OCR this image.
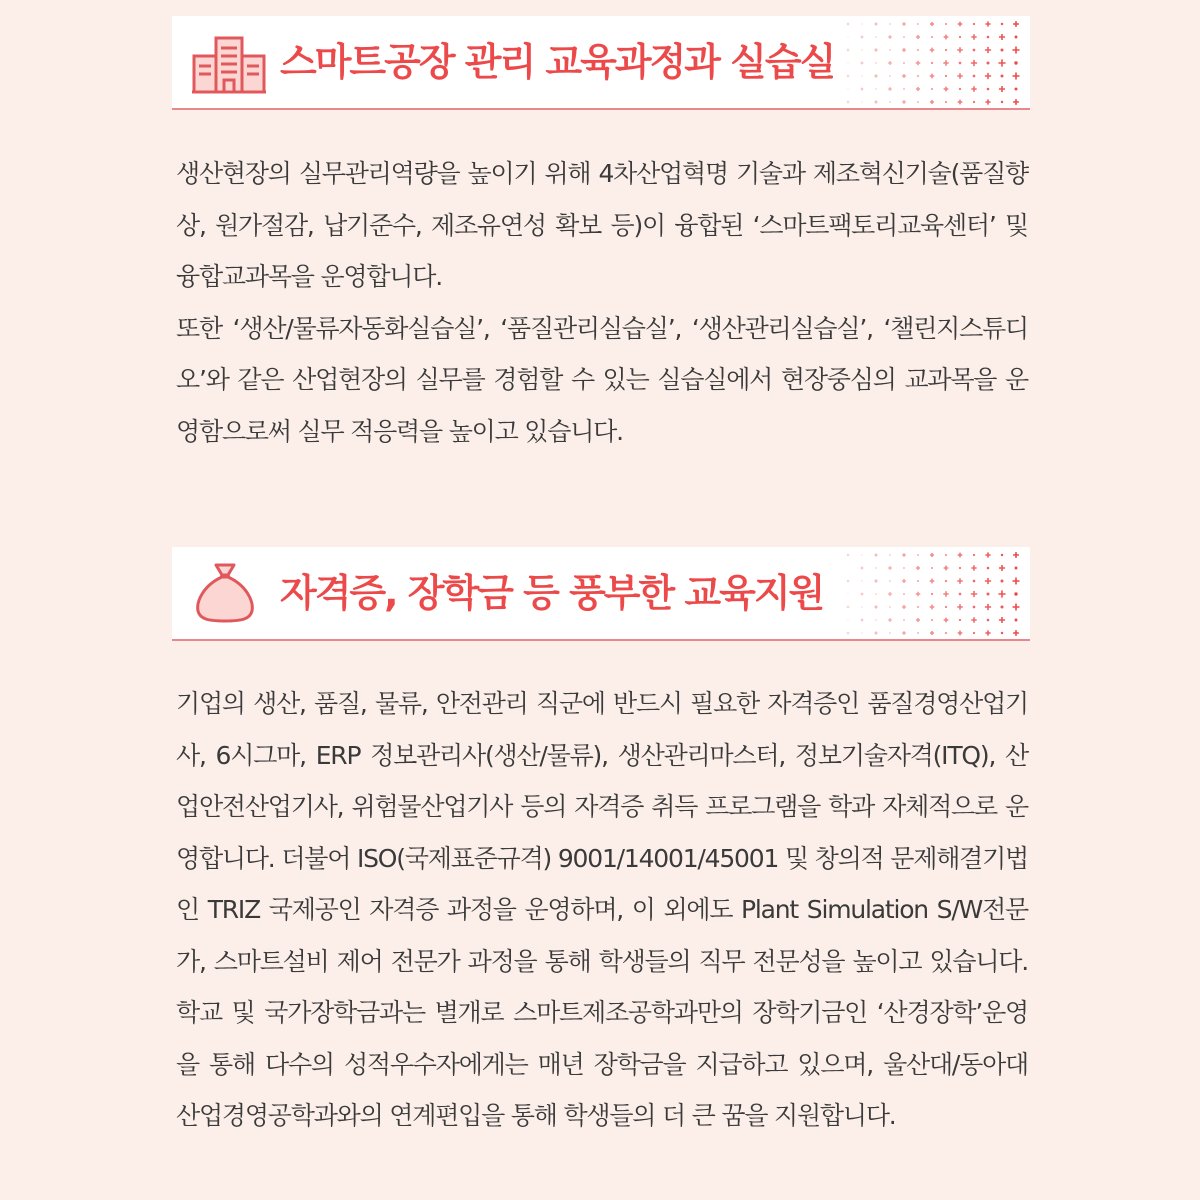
스마트공장 관리 교육과정과 실습실

생산현장의 실무관리역량을 높이기 위해 4차산업혁명 기술과 제조혁신기술(품질향상, 원가절감, 납기준수, 제조유연성 확보 등)이 융합된 ‘스마트팩토리교육센터’ 및 융합교과목을 운영합니다.

또한 ‘생산/물류자동화실습실’, ‘품질관리실습실’, ‘생산관리실습실’, ‘챌린지스튜디오’와 같은 산업현장의 실무를 경험할 수 있는 실습실에서 현장중심의 교과목을 운영함으로써 실무 적응력을 높이고 있습니다.

자격증, 장학금 등 풍부한 교육지원

기업의 생산, 품질, 물류, 안전관리 직군에 반드시 필요한 자격증인 품질경영산업기사, 6시그마, ERP 정보관리사(생산/물류), 생산관리마스터, 정보기술자격(ITQ), 산업안전산업기사, 위험물산업기사 등의 자격증 취득 프로그램을 학과 자체적으로 운영합니다. 더불어 ISO(국제표준규격) 9001/14001/45001 및 창의적 문제해결기법인 TRIZ 국제공인 자격증 과정을 운영하며, 이 외에도 Plant Simulation S/W전문가, 스마트설비 제어 전문가 과정을 통해 학생들의 직무 전문성을 높이고 있습니다. 학교 및 국가장학금과는 별개로 스마트제조공학과만의 장학기금인 ‘산경장학’운영을 통해 다수의 성적우수자에게는 매년 장학금을 지급하고 있으며, 울산대/동아대 산업경영공학과와의 연계편입을 통해 학생들의 더 큰 꿈을 지원합니다.
